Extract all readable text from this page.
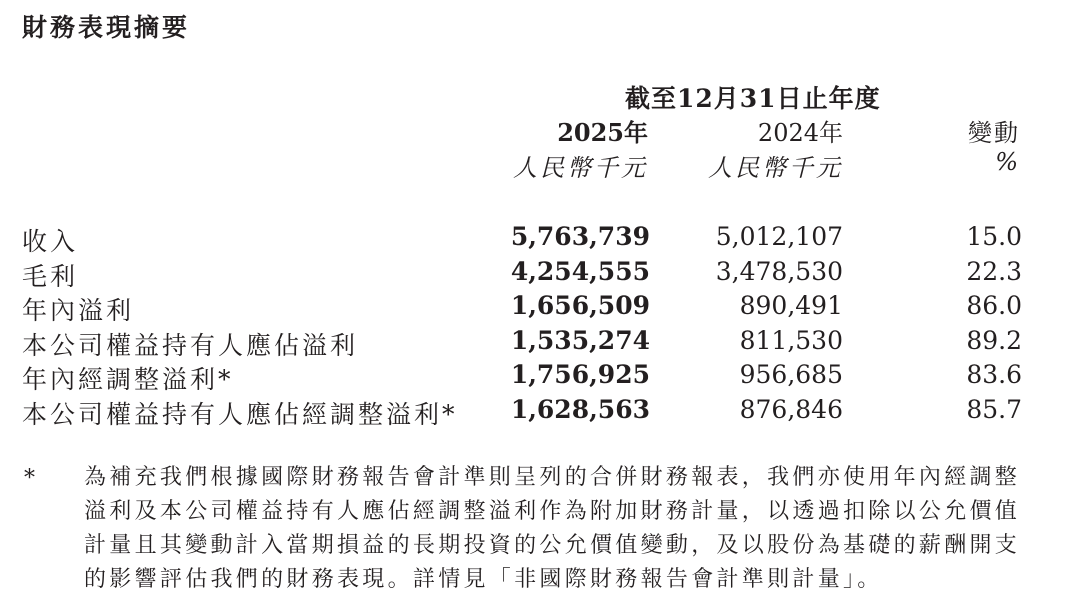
財務表現摘要
截至12月31日止年度
2025年	2024年	變動
人民幣千元	人民幣千元	%
收入	5,763,739	5,012,107	15.0
毛利	4,254,555	3,478,530	22.3
年內溢利	1,656,509	890,491	86.0
本公司權益持有人應佔溢利	1,535,274	811,530	89.2
年內經調整溢利*	1,756,925	956,685	83.6
本公司權益持有人應佔經調整溢利* 1,628,563	876,846	85.7
* 為補充我們根據國際財務報告會計準則呈列的合併財務報表，我們亦使用年內經調整溢利及本公司權益持有人應佔經調整溢利作為附加財務計量，以透過扣除以公允價值計量且其變動計入當期損益的長期投資的公允價值變動，及以股份為基礎的薪酬開支的影響評估我們的財務表現。詳情見「非國際財務報告會計準則計量」。
